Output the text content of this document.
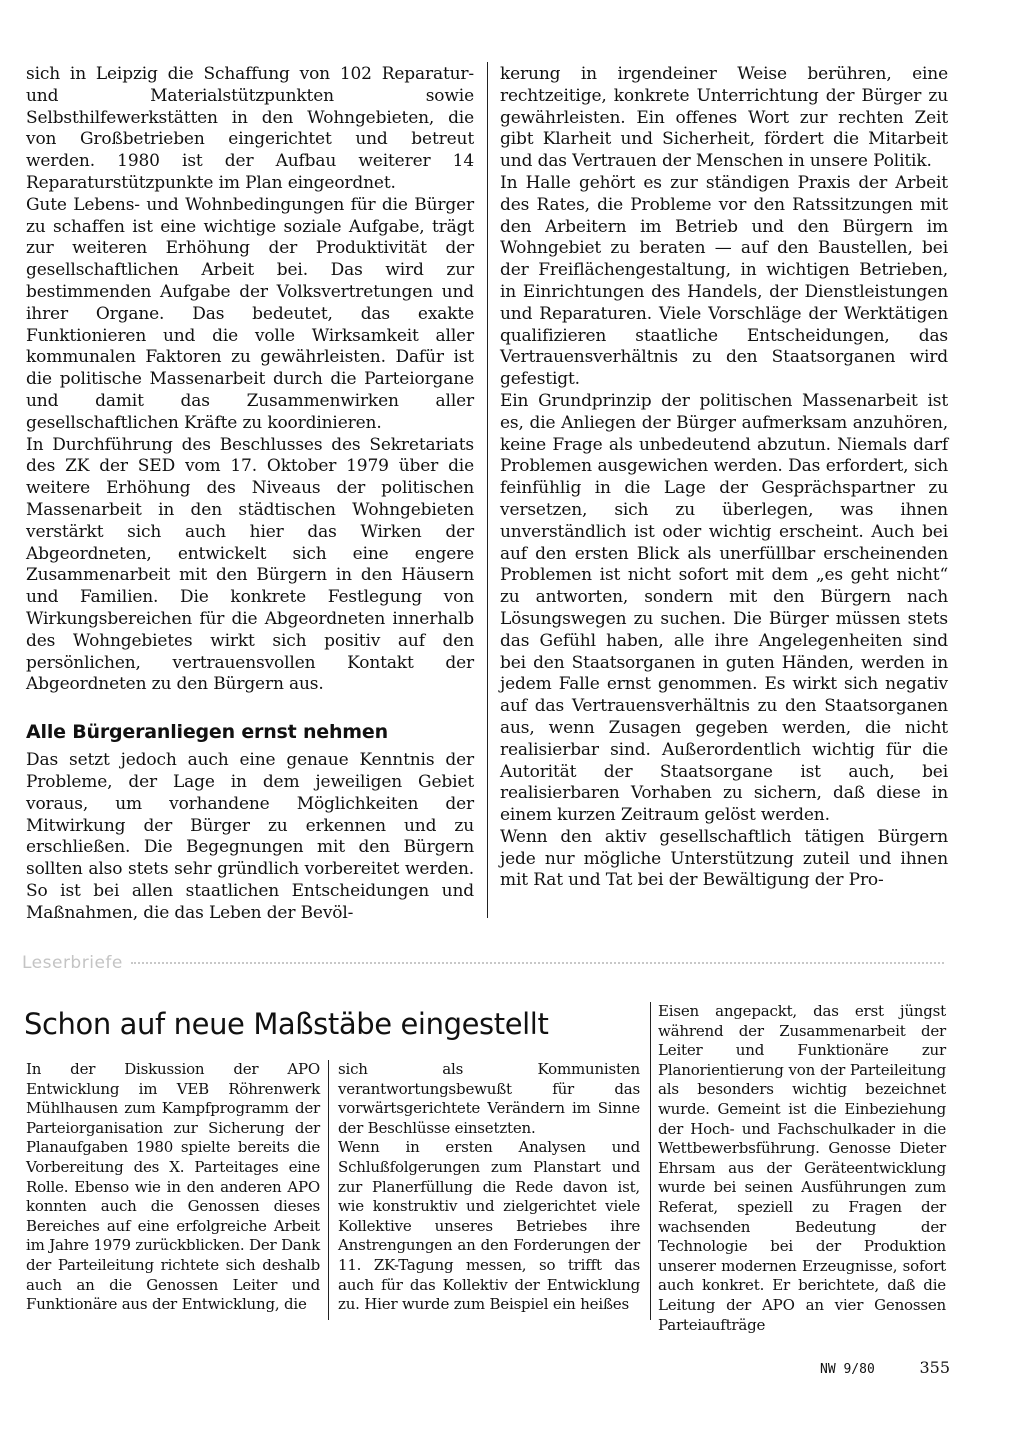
sich in Leipzig die Schaffung von 102 Reparatur- und Materialstützpunkten sowie Selbsthilfewerkstätten in den Wohngebieten, die von Großbetrieben eingerichtet und betreut werden. 1980 ist der Aufbau weiterer 14 Reparaturstützpunkte im Plan eingeordnet.

Gute Lebens- und Wohnbedingungen für die Bürger zu schaffen ist eine wichtige soziale Aufgabe, trägt zur weiteren Erhöhung der Produktivität der gesellschaftlichen Arbeit bei. Das wird zur bestimmenden Aufgabe der Volksvertretungen und ihrer Organe. Das bedeutet, das exakte Funktionieren und die volle Wirksamkeit aller kommunalen Faktoren zu gewährleisten. Dafür ist die politische Massenarbeit durch die Parteiorgane und damit das Zusammenwirken aller gesellschaftlichen Kräfte zu koordinieren.

In Durchführung des Beschlusses des Sekretariats des ZK der SED vom 17. Oktober 1979 über die weitere Erhöhung des Niveaus der politischen Massenarbeit in den städtischen Wohngebieten verstärkt sich auch hier das Wirken der Abgeordneten, entwickelt sich eine engere Zusammenarbeit mit den Bürgern in den Häusern und Familien. Die konkrete Festlegung von Wirkungsbereichen für die Abgeordneten innerhalb des Wohngebietes wirkt sich positiv auf den persönlichen, vertrauensvollen Kontakt der Abgeordneten zu den Bürgern aus.

Alle Bürgeranliegen ernst nehmen

Das setzt jedoch auch eine genaue Kenntnis der Probleme, der Lage in dem jeweiligen Gebiet voraus, um vorhandene Möglichkeiten der Mitwirkung der Bürger zu erkennen und zu erschließen. Die Begegnungen mit den Bürgern sollten also stets sehr gründlich vorbereitet werden. So ist bei allen staatlichen Entscheidungen und Maßnahmen, die das Leben der Bevöl-

kerung in irgendeiner Weise berühren, eine rechtzeitige, konkrete Unterrichtung der Bürger zu gewährleisten. Ein offenes Wort zur rechten Zeit gibt Klarheit und Sicherheit, fördert die Mitarbeit und das Vertrauen der Menschen in unsere Politik.

In Halle gehört es zur ständigen Praxis der Arbeit des Rates, die Probleme vor den Ratssitzungen mit den Arbeitern im Betrieb und den Bürgern im Wohngebiet zu beraten — auf den Baustellen, bei der Freiflächengestaltung, in wichtigen Betrieben, in Einrichtungen des Handels, der Dienstleistungen und Reparaturen. Viele Vorschläge der Werktätigen qualifizieren staatliche Entscheidungen, das Vertrauensverhältnis zu den Staatsorganen wird gefestigt.

Ein Grundprinzip der politischen Massenarbeit ist es, die Anliegen der Bürger aufmerksam anzuhören, keine Frage als unbedeutend abzutun. Niemals darf Problemen ausgewichen werden. Das erfordert, sich feinfühlig in die Lage der Gesprächspartner zu versetzen, sich zu überlegen, was ihnen unverständlich ist oder wichtig erscheint. Auch bei auf den ersten Blick als unerfüllbar erscheinenden Problemen ist nicht sofort mit dem „es geht nicht“ zu antworten, sondern mit den Bürgern nach Lösungswegen zu suchen. Die Bürger müssen stets das Gefühl haben, alle ihre Angelegenheiten sind bei den Staatsorganen in guten Händen, werden in jedem Falle ernst genommen. Es wirkt sich negativ auf das Vertrauensverhältnis zu den Staatsorganen aus, wenn Zusagen gegeben werden, die nicht realisierbar sind. Außerordentlich wichtig für die Autorität der Staatsorgane ist auch, bei realisierbaren Vorhaben zu sichern, daß diese in einem kurzen Zeitraum gelöst werden.

Wenn den aktiv gesellschaftlich tätigen Bürgern jede nur mögliche Unterstützung zuteil und ihnen mit Rat und Tat bei der Bewältigung der Pro-

Leserbriefe
Schon auf neue Maßstäbe eingestellt

In der Diskussion der APO Entwicklung im VEB Röhrenwerk Mühlhausen zum Kampfprogramm der Parteiorganisation zur Sicherung der Planaufgaben 1980 spielte bereits die Vorbereitung des X. Parteitages eine Rolle. Ebenso wie in den anderen APO konnten auch die Genossen dieses Bereiches auf eine erfolgreiche Arbeit im Jahre 1979 zurückblicken. Der Dank der Parteileitung richtete sich deshalb auch an die Genossen Leiter und Funktionäre aus der Entwicklung, die

sich als Kommunisten verantwortungsbewußt für das vorwärtsgerichtete Verändern im Sinne der Beschlüsse einsetzten.

Wenn in ersten Analysen und Schlußfolgerungen zum Planstart und zur Planerfüllung die Rede davon ist, wie konstruktiv und zielgerichtet viele Kollektive unseres Betriebes ihre Anstrengungen an den Forderungen der 11. ZK-Tagung messen, so trifft das auch für das Kollektiv der Entwicklung zu. Hier wurde zum Beispiel ein heißes

Eisen angepackt, das erst jüngst während der Zusammenarbeit der Leiter und Funktionäre zur Planorientierung von der Parteileitung als besonders wichtig bezeichnet wurde. Gemeint ist die Einbeziehung der Hoch- und Fachschulkader in die Wettbewerbsführung. Genosse Dieter Ehrsam aus der Geräteentwicklung wurde bei seinen Ausführungen zum Referat, speziell zu Fragen der wachsenden Bedeutung der Technologie bei der Produktion unserer modernen Erzeugnisse, sofort auch konkret. Er berichtete, daß die Leitung der APO an vier Genossen Parteiaufträge

NW 9/80	355
